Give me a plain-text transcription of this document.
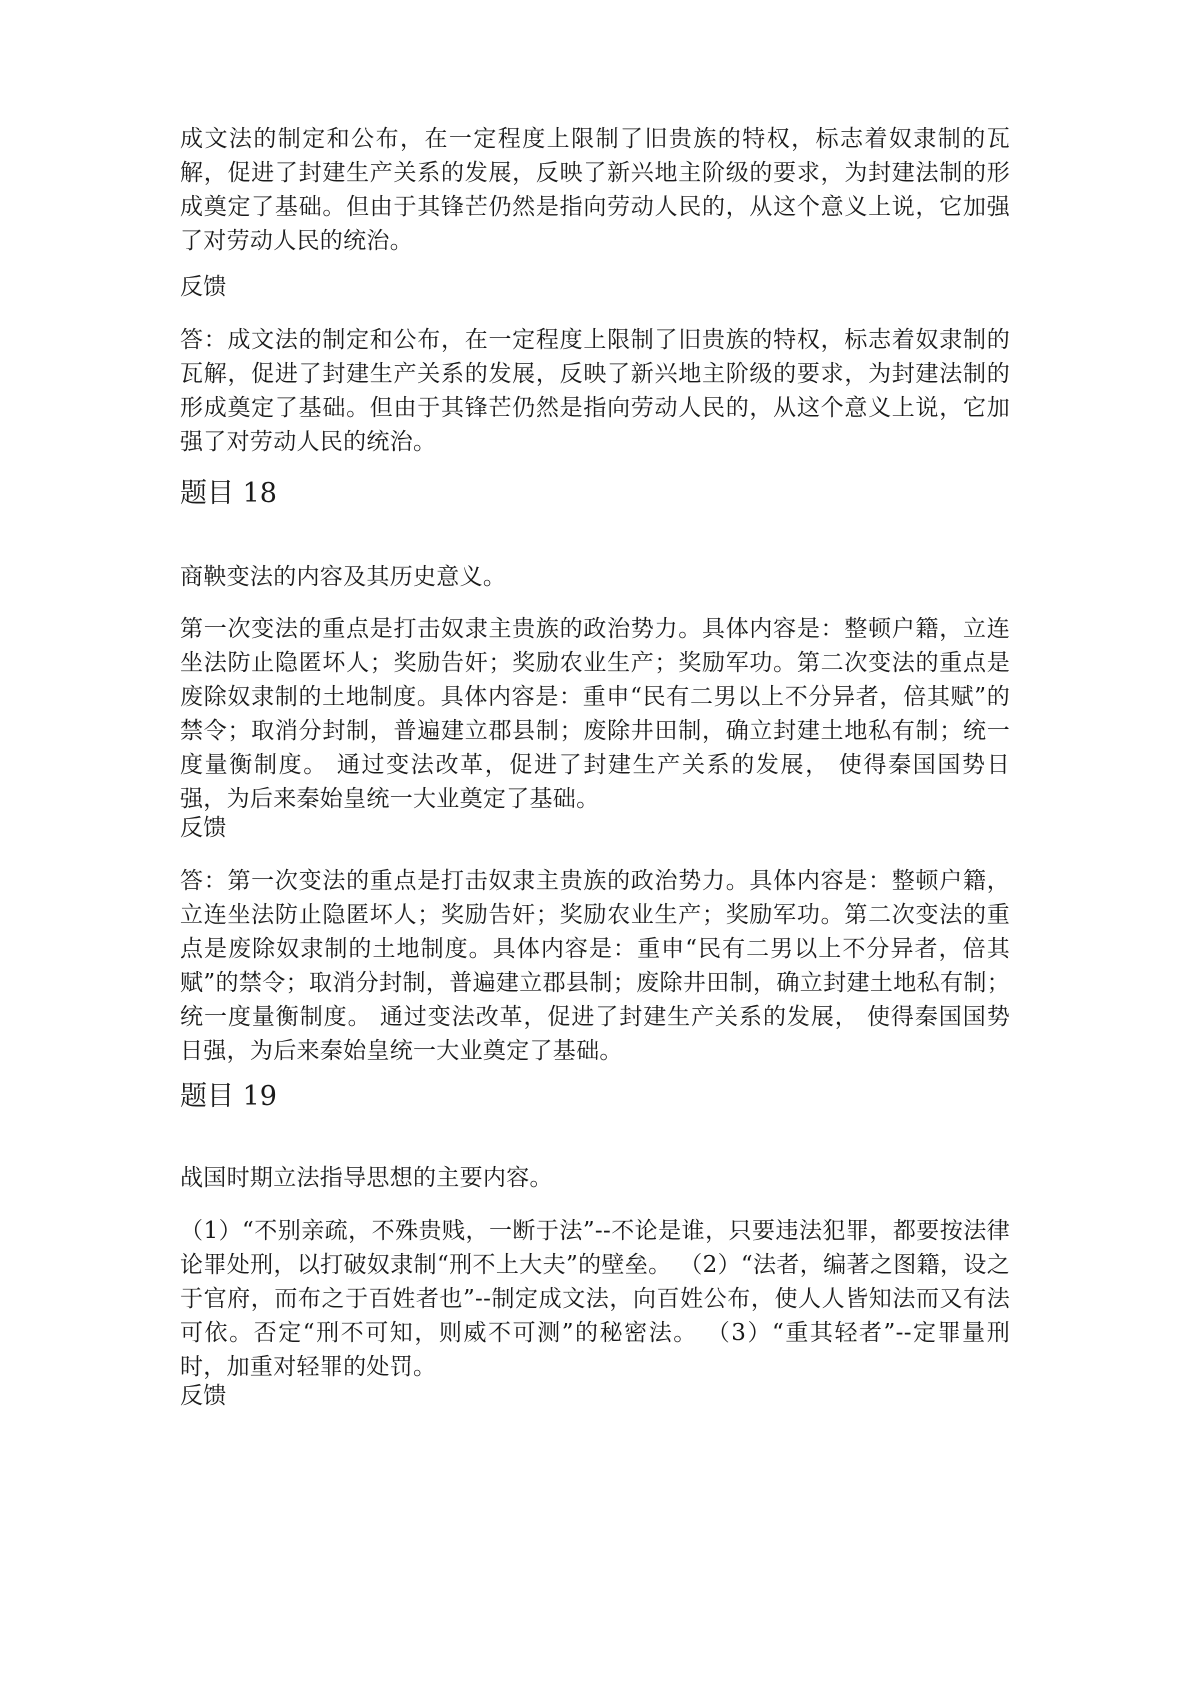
成文法的制定和公布，在一定程度上限制了旧贵族的特权，标志着奴隶制的瓦解，促进了封建生产关系的发展，反映了新兴地主阶级的要求，为封建法制的形成奠定了基础。但由于其锋芒仍然是指向劳动人民的，从这个意义上说，它加强了对劳动人民的统治。

反馈

答：成文法的制定和公布，在一定程度上限制了旧贵族的特权，标志着奴隶制的瓦解，促进了封建生产关系的发展，反映了新兴地主阶级的要求，为封建法制的形成奠定了基础。但由于其锋芒仍然是指向劳动人民的，从这个意义上说，它加强了对劳动人民的统治。

题目 18

商鞅变法的内容及其历史意义。

第一次变法的重点是打击奴隶主贵族的政治势力。具体内容是：整顿户籍，立连坐法防止隐匿坏人；奖励告奸；奖励农业生产；奖励军功。第二次变法的重点是废除奴隶制的土地制度。具体内容是：重申“民有二男以上不分异者，倍其赋”的禁令；取消分封制，普遍建立郡县制；废除井田制，确立封建土地私有制；统一度量衡制度。 通过变法改革，促进了封建生产关系的发展， 使得秦国国势日强，为后来秦始皇统一大业奠定了基础。

反馈

答：第一次变法的重点是打击奴隶主贵族的政治势力。具体内容是：整顿户籍，立连坐法防止隐匿坏人；奖励告奸；奖励农业生产；奖励军功。第二次变法的重点是废除奴隶制的土地制度。具体内容是：重申“民有二男以上不分异者，倍其赋”的禁令；取消分封制，普遍建立郡县制；废除井田制，确立封建土地私有制；统一度量衡制度。 通过变法改革，促进了封建生产关系的发展， 使得秦国国势日强，为后来秦始皇统一大业奠定了基础。

题目 19

战国时期立法指导思想的主要内容。

（1）“不别亲疏，不殊贵贱，一断于法”--不论是谁，只要违法犯罪，都要按法律论罪处刑，以打破奴隶制“刑不上大夫”的壁垒。 （2）“法者，编著之图籍，设之于官府，而布之于百姓者也”--制定成文法，向百姓公布，使人人皆知法而又有法可依。否定“刑不可知，则威不可测”的秘密法。 （3）“重其轻者”--定罪量刑时，加重对轻罪的处罚。

反馈
